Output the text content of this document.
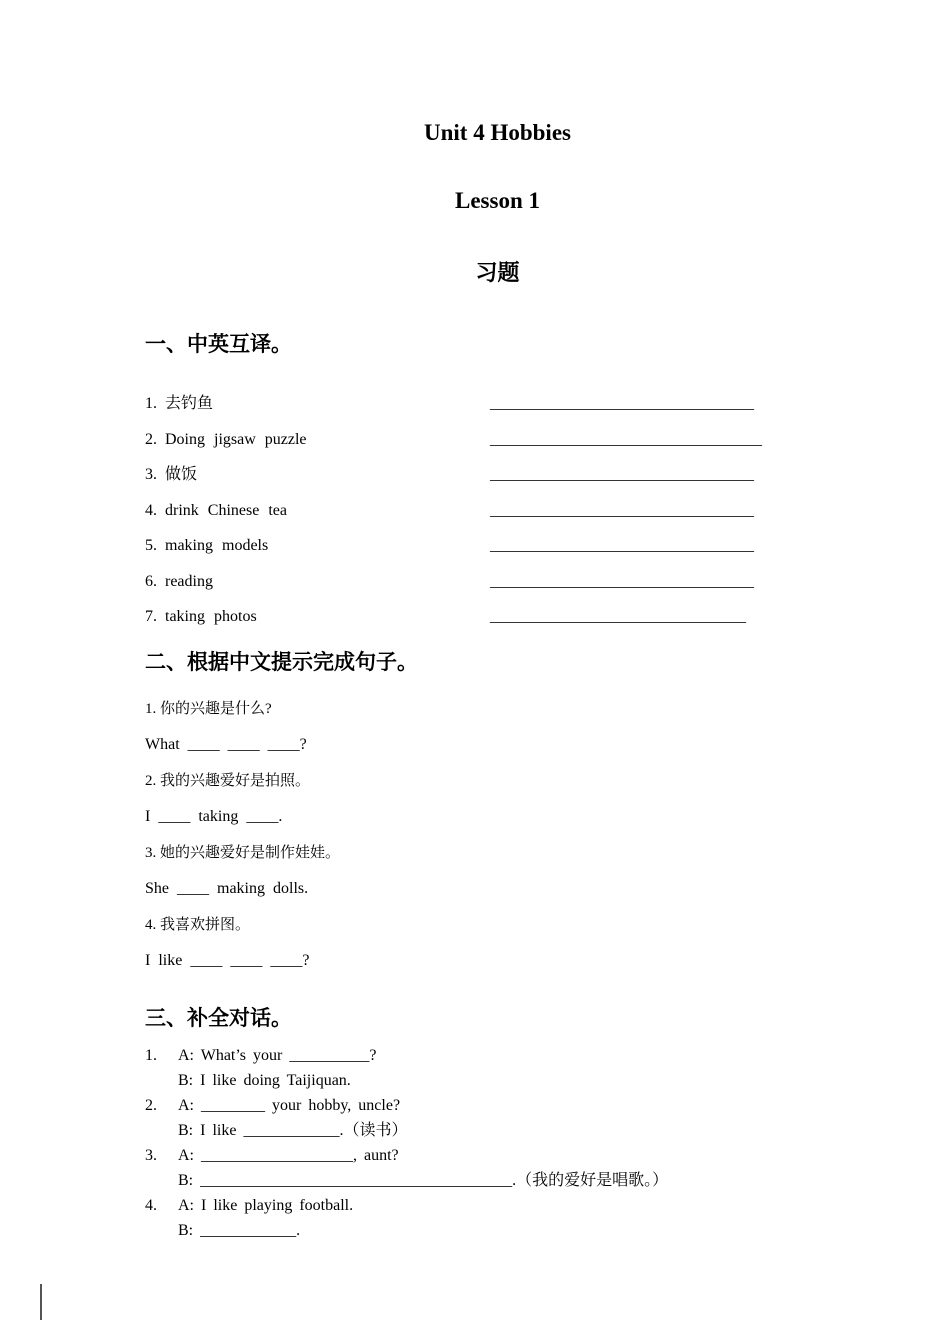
Unit 4 Hobbies
Lesson 1
习题
一、中英互译。
1. 去钓鱼	_________________________________
2. Doing jigsaw puzzle	__________________________________
3. 做饭	_________________________________
4. drink Chinese tea	_________________________________
5. making models	_________________________________
6. reading	_________________________________
7. taking photos	________________________________
二、根据中文提示完成句子。
1. 你的兴趣是什么?
What ____ ____ ____?
2. 我的兴趣爱好是拍照。
I ____ taking ____.
3. 她的兴趣爱好是制作娃娃。
She ____ making dolls.
4. 我喜欢拼图。
I like ____ ____ ____?
三、补全对话。
1. A: What’s your __________?
B: I like doing Taijiquan.
2. A: ________ your hobby, uncle?
B: I like ____________.（读书）
3. A: ___________________, aunt?
B: _______________________________________.（我的爱好是唱歌。）
4. A: I like playing football.
B: ____________.
